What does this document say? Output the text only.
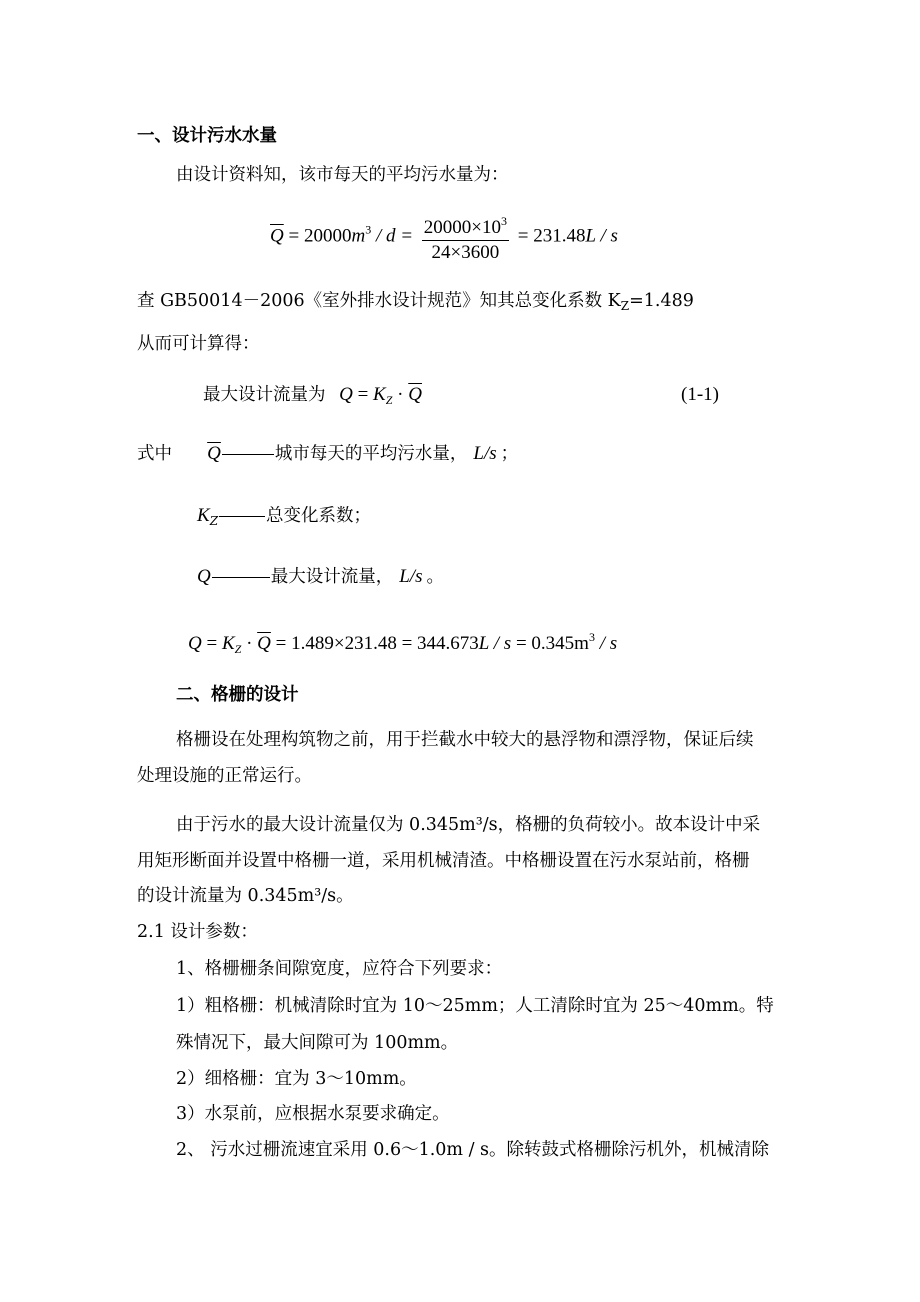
一、设计污水水量
由设计资料知，该市每天的平均污水量为：
$\overline{Q} = 20000m^3 / d = \frac{20000\times 10^3}{24\times 3600} = 231.48L / s$
查 GB50014－2006《室外排水设计规范》知其总变化系数 $K_Z=1.489$
从而可计算得：
最大设计流量为 $Q = K_Z \cdot \overline{Q}$	(1-1)
式中 $\overline{Q}$	城市每天的平均污水量， L/s ；
$K_Z$	总变化系数；
Q	最大设计流量， L/s 。
$Q = K_Z \cdot \overline{Q} = 1.489\times 231.48 = 344.673L / s = 0.345m^3 / s$
二、格栅的设计
格栅设在处理构筑物之前，用于拦截水中较大的悬浮物和漂浮物，保证后续
处理设施的正常运行。
由于污水的最大设计流量仅为 0.345m³/s，格栅的负荷较小。故本设计中采
用矩形断面并设置中格栅一道，采用机械清渣。中格栅设置在污水泵站前，格栅
的设计流量为 0.345m³/s。
2.1 设计参数：
1、格栅栅条间隙宽度，应符合下列要求：
1）粗格栅：机械清除时宜为 10～25mm；人工清除时宜为 25～40mm。特
殊情况下，最大间隙可为 100mm。
2）细格栅：宜为 3～10mm。
3）水泵前，应根据水泵要求确定。
2、 污水过栅流速宜采用 0.6～1.0m / s。除转鼓式格栅除污机外，机械清除
